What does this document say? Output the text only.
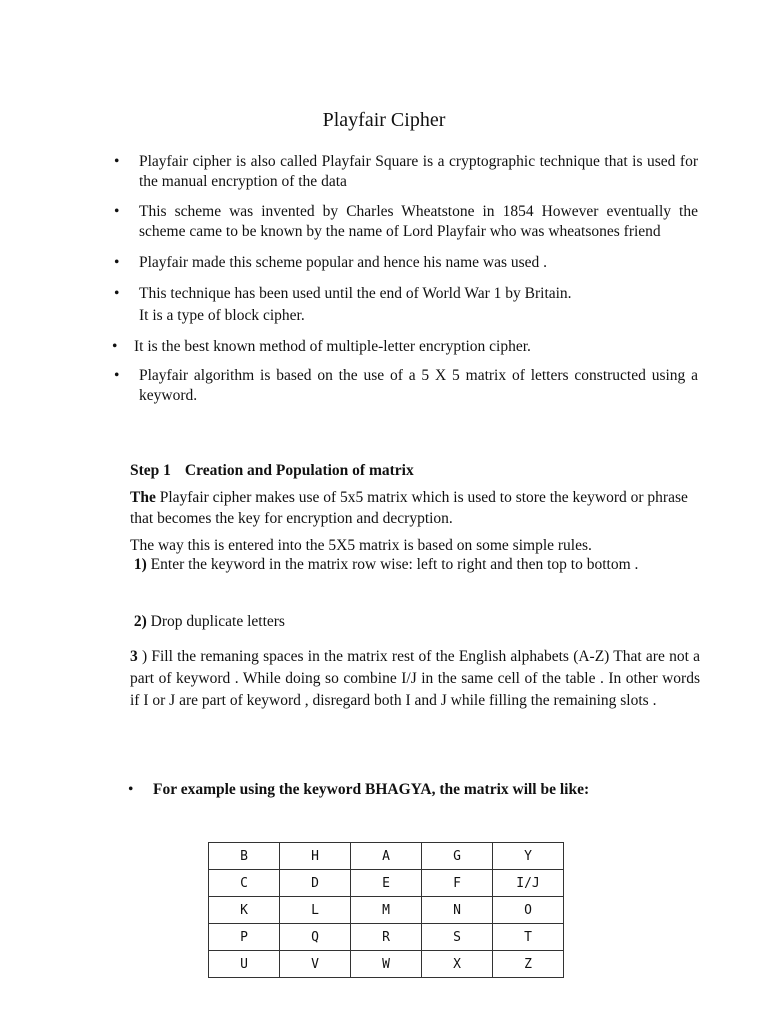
Playfair Cipher
• Playfair cipher is also called Playfair Square is a cryptographic technique that is used for the manual encryption of the data
• This scheme was invented by Charles Wheatstone in 1854 However eventually the scheme came to be known by the name of Lord Playfair who was wheatsones friend
• Playfair made this scheme popular and hence his name was used .
• This technique has been used until the end of World War 1 by Britain.
It is a type of block cipher.
• It is the best known method of multiple-letter encryption cipher.
• Playfair algorithm is based on the use of a 5 X 5 matrix of letters constructed using a keyword.
Step 1 Creation and Population of matrix
The Playfair cipher makes use of 5x5 matrix which is used to store the keyword or phrase that becomes the key for encryption and decryption.
The way this is entered into the 5X5 matrix is based on some simple rules.
1) Enter the keyword in the matrix row wise: left to right and then top to bottom .
2) Drop duplicate letters
3 ) Fill the remaning spaces in the matrix rest of the English alphabets (A-Z) That are not a part of keyword . While doing so combine I/J in the same cell of the table . In other words if I or J are part of keyword , disregard both I and J while filling the remaining slots .
• For example using the keyword BHAGYA, the matrix will be like:
B	H	A	G	Y
C	D	E	F	I/J
K	L	M	N	O
P	Q	R	S	T
U	V	W	X	Z
